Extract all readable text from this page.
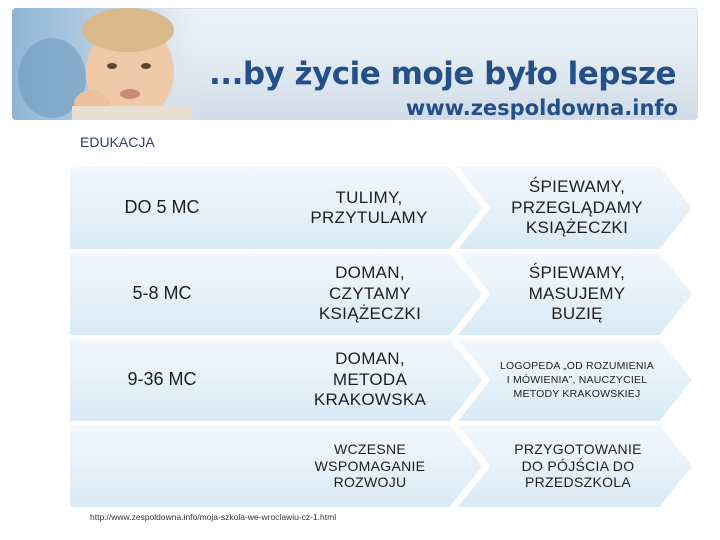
...by życie moje było lepsze
www.zespoldowna.info
EDUKACJA
DO 5 MC
TULIMY, PRZYTULAMY
ŚPIEWAMY, PRZEGLĄDAMY KSIĄŻECZKI
5-8 MC
DOMAN, CZYTAMY KSIĄŻECZKI
ŚPIEWAMY, MASUJEMY BUZIĘ
9-36 MC
DOMAN, METODA KRAKOWSKA
LOGOPEDA „OD ROZUMIENIA I MÓWIENIA”, NAUCZYCIEL METODY KRAKOWSKIEJ
WCZESNE WSPOMAGANIE ROZWOJU
PRZYGOTOWANIE DO PÓJŚCIA DO PRZEDSZKOLA
http://www.zespoldowna.info/moja-szkola-we-wroclawiu-cz-1.html
